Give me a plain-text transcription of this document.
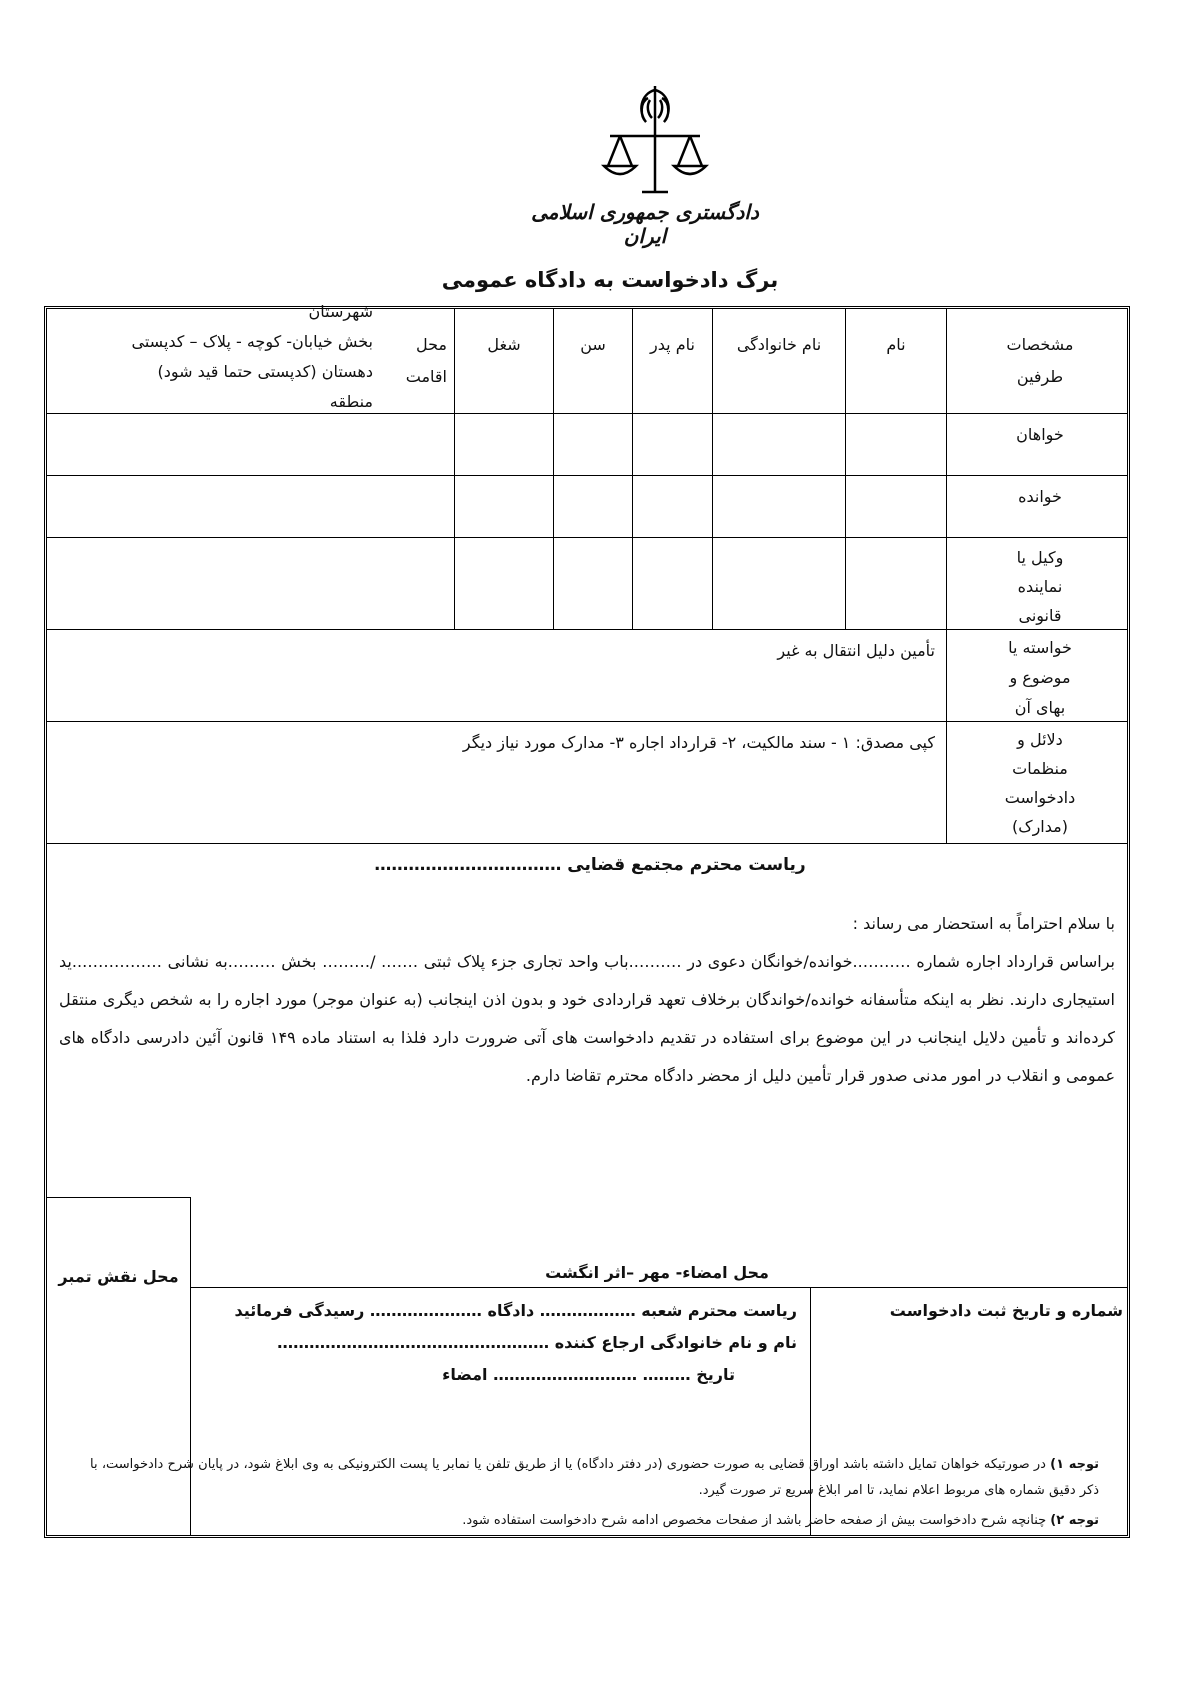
دادگستری جمهوری اسلامی ایران
برگ دادخواست به دادگاه عمومی
مشخصات
طرفین
نام
نام خانوادگی
نام پدر
سن
شغل
محل اقامت
شهرستان
بخش خیابان- کوچه - پلاک – کدپستی
دهستان (کدپستی حتما قید شود)
منطقه
خواهان
خوانده
وکیل یا
نماینده
قانونی
خواسته یا
موضوع و
بهای آن
تأمین دلیل انتقال به غیر
دلائل و
منظمات
دادخواست
(مدارک)
کپی مصدق: ۱ - سند مالکیت، ۲- قرارداد اجاره ۳- مدارک مورد نیاز دیگر
ریاست محترم مجتمع قضایی ……………………………
با سلام احتراماً به استحضار می رساند :
براساس قرارداد اجاره شماره ………..خوانده/خوانگان دعوی در ……….باب واحد تجاری جزء پلاک ثبتی ……. /……… بخش ………به نشانی ……………..ید استیجاری دارند. نظر به اینکه متأسفانه خوانده/خواندگان برخلاف تعهد قراردادی خود و بدون اذن اینجانب (به عنوان موجر) مورد اجاره را به شخص دیگری منتقل کرده‌اند و تأمین دلایل اینجانب در این موضوع برای استفاده در تقدیم دادخواست های آتی ضرورت دارد فلذا به استناد ماده ۱۴۹ قانون آئین دادرسی دادگاه های عمومی و انقلاب در امور مدنی صدور قرار تأمین دلیل از محضر دادگاه محترم تقاضا دارم.
محل نقش تمبر	محل امضاء- مهر –اثر انگشت
شماره و تاریخ ثبت دادخواست
ریاست محترم شعبه ……………… دادگاه ………………… رسیدگی فرمائید
نام و نام خانوادگی ارجاع کننده ……………………………………………
تاریخ ……… ……………………… امضاء
توجه ۱) در صورتیکه خواهان تمایل داشته باشد اوراق قضایی به صورت حضوری (در دفتر دادگاه) یا از طریق تلفن یا نمابر یا پست الکترونیکی به وی ابلاغ شود، در پایان شرح دادخواست، با ذکر دقیق شماره های مربوط اعلام نماید، تا امر ابلاغ سریع تر صورت گیرد.
توجه ۲) چنانچه شرح دادخواست بیش از صفحه حاضر باشد از صفحات مخصوص ادامه شرح دادخواست استفاده شود.
